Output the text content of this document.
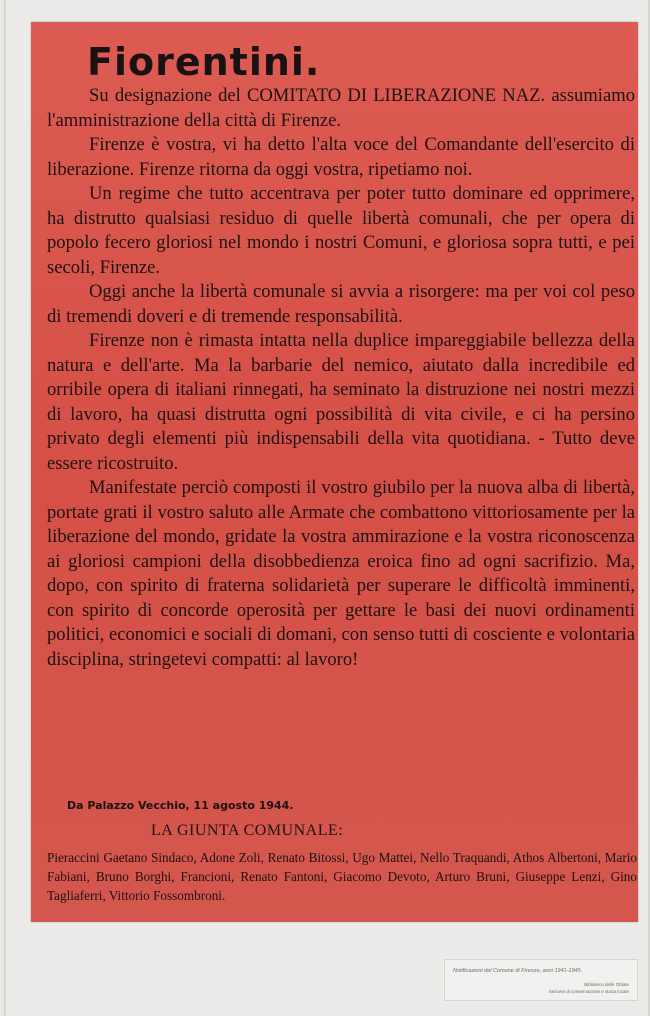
Fiorentini.

Su designazione del COMITATO DI LIBERAZIONE NAZ. assumiamo l'amministrazione della città di Firenze.

Firenze è vostra, vi ha detto l'alta voce del Comandante dell'esercito di liberazione. Firenze ritorna da oggi vostra, ripetiamo noi.

Un regime che tutto accentrava per poter tutto dominare ed opprimere, ha distrutto qualsiasi residuo di quelle libertà comunali, che per opera di popolo fecero gloriosi nel mondo i nostri Comuni, e gloriosa sopra tutti, e pei secoli, Firenze.

Oggi anche la libertà comunale si avvia a risorgere: ma per voi col peso di tremendi doveri e di tremende responsabilità.

Firenze non è rimasta intatta nella duplice impareggiabile bellezza della natura e dell'arte. Ma la barbarie del nemico, aiutato dalla incredibile ed orribile opera di italiani rinnegati, ha seminato la distruzione nei nostri mezzi di lavoro, ha quasi distrutta ogni possibilità di vita civile, e ci ha persino privato degli elementi più indispensabili della vita quotidiana. - Tutto deve essere ricostruito.

Manifestate perciò composti il vostro giubilo per la nuova alba di libertà, portate grati il vostro saluto alle Armate che combattono vittoriosamente per la liberazione del mondo, gridate la vostra ammirazione e la vostra riconoscenza ai gloriosi campioni della disobbedienza eroica fino ad ogni sacrifizio. Ma, dopo, con spirito di fraterna solidarietà per superare le difficoltà imminenti, con spirito di concorde operosità per gettare le basi dei nuovi ordinamenti politici, economici e sociali di domani, con senso tutti di cosciente e volontaria disciplina, stringetevi compatti: al lavoro!

Da Palazzo Vecchio, 11 agosto 1944.
LA GIUNTA COMUNALE:
Pieraccini Gaetano Sindaco, Adone Zoli, Renato Bitossi, Ugo Mattei, Nello Traquandi, Athos Albertoni, Mario Fabiani, Bruno Borghi, Francioni, Renato Fantoni, Giacomo Devoto, Arturo Bruni, Giuseppe Lenzi, Gino Tagliaferri, Vittorio Fossombroni.
Notificazioni del Comune di Firenze, anni 1941-1945
Biblioteca delle Oblate
Sezione di conservazione e storia locale
